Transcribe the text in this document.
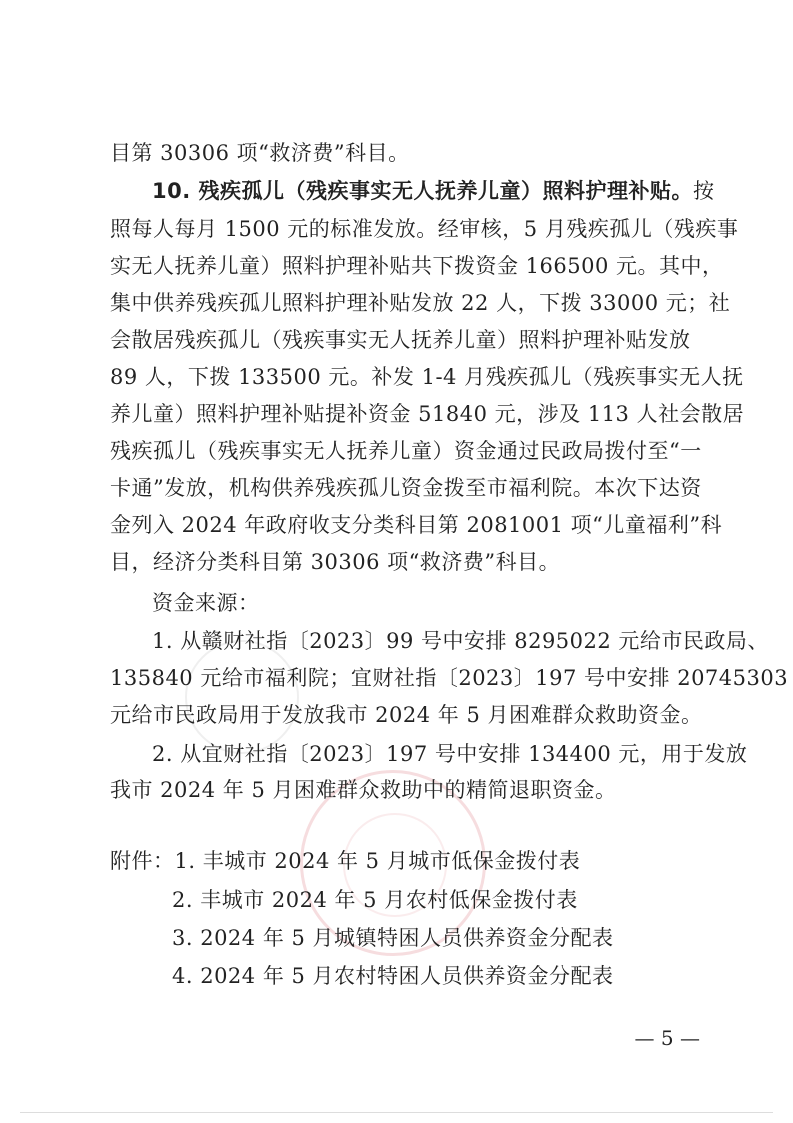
目第 30306 项“救济费”科目。
10. 残疾孤儿（残疾事实无人抚养儿童）照料护理补贴。按
照每人每月 1500 元的标准发放。经审核，5 月残疾孤儿（残疾事
实无人抚养儿童）照料护理补贴共下拨资金 166500 元。其中，
集中供养残疾孤儿照料护理补贴发放 22 人，下拨 33000 元；社
会散居残疾孤儿（残疾事实无人抚养儿童）照料护理补贴发放
89 人，下拨 133500 元。补发 1-4 月残疾孤儿（残疾事实无人抚
养儿童）照料护理补贴提补资金 51840 元，涉及 113 人社会散居
残疾孤儿（残疾事实无人抚养儿童）资金通过民政局拨付至“一
卡通”发放，机构供养残疾孤儿资金拨至市福利院。本次下达资
金列入 2024 年政府收支分类科目第 2081001 项“儿童福利”科
目，经济分类科目第 30306 项“救济费”科目。
资金来源：
1. 从赣财社指〔2023〕99 号中安排 8295022 元给市民政局、
135840 元给市福利院；宜财社指〔2023〕197 号中安排 20745303
元给市民政局用于发放我市 2024 年 5 月困难群众救助资金。
2. 从宜财社指〔2023〕197 号中安排 134400 元，用于发放
我市 2024 年 5 月困难群众救助中的精简退职资金。
附件：1. 丰城市 2024 年 5 月城市低保金拨付表
2. 丰城市 2024 年 5 月农村低保金拨付表
3. 2024 年 5 月城镇特困人员供养资金分配表
4. 2024 年 5 月农村特困人员供养资金分配表
— 5 —
